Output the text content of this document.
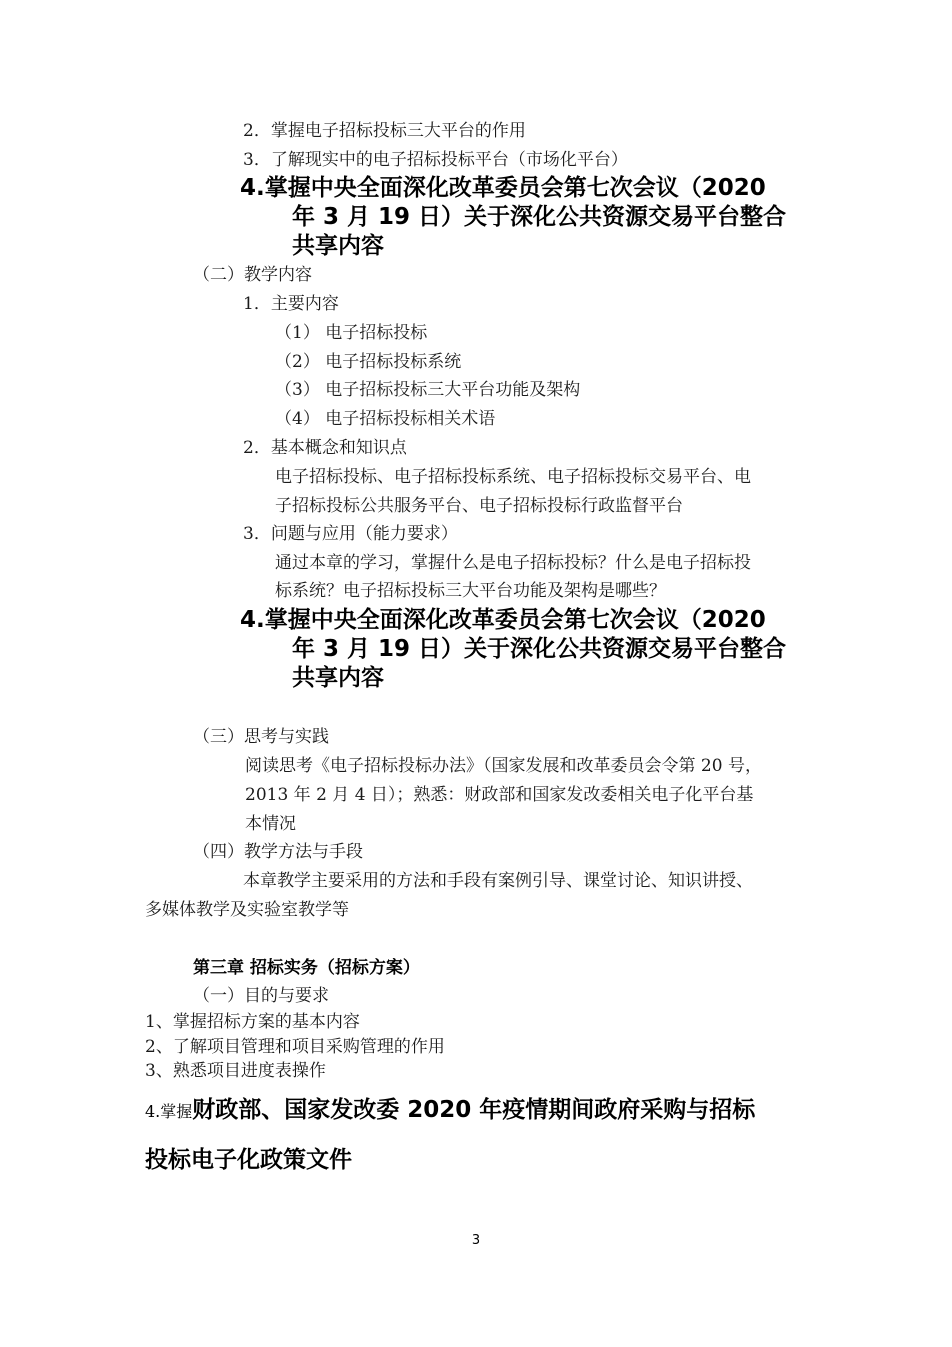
2．掌握电子招标投标三大平台的作用
3．了解现实中的电子招标投标平台（市场化平台）
4.掌握中央全面深化改革委员会第七次会议（2020
年 3 月 19 日）关于深化公共资源交易平台整合
共享内容
（二）教学内容
1．主要内容
（1） 电子招标投标
（2） 电子招标投标系统
（3） 电子招标投标三大平台功能及架构
（4） 电子招标投标相关术语
2．基本概念和知识点
电子招标投标、电子招标投标系统、电子招标投标交易平台、电
子招标投标公共服务平台、电子招标投标行政监督平台
3．问题与应用（能力要求）
通过本章的学习，掌握什么是电子招标投标？什么是电子招标投
标系统？电子招标投标三大平台功能及架构是哪些？
4.掌握中央全面深化改革委员会第七次会议（2020
年 3 月 19 日）关于深化公共资源交易平台整合
共享内容
（三）思考与实践
阅读思考《电子招标投标办法》（国家发展和改革委员会令第 20 号，
2013 年 2 月 4 日）；熟悉：财政部和国家发改委相关电子化平台基
本情况
（四）教学方法与手段
本章教学主要采用的方法和手段有案例引导、课堂讨论、知识讲授、
多媒体教学及实验室教学等
第三章 招标实务（招标方案）
（一）目的与要求
1、掌握招标方案的基本内容
2、了解项目管理和项目采购管理的作用
3、熟悉项目进度表操作
4.掌握财政部、国家发改委 2020 年疫情期间政府采购与招标
投标电子化政策文件
3
